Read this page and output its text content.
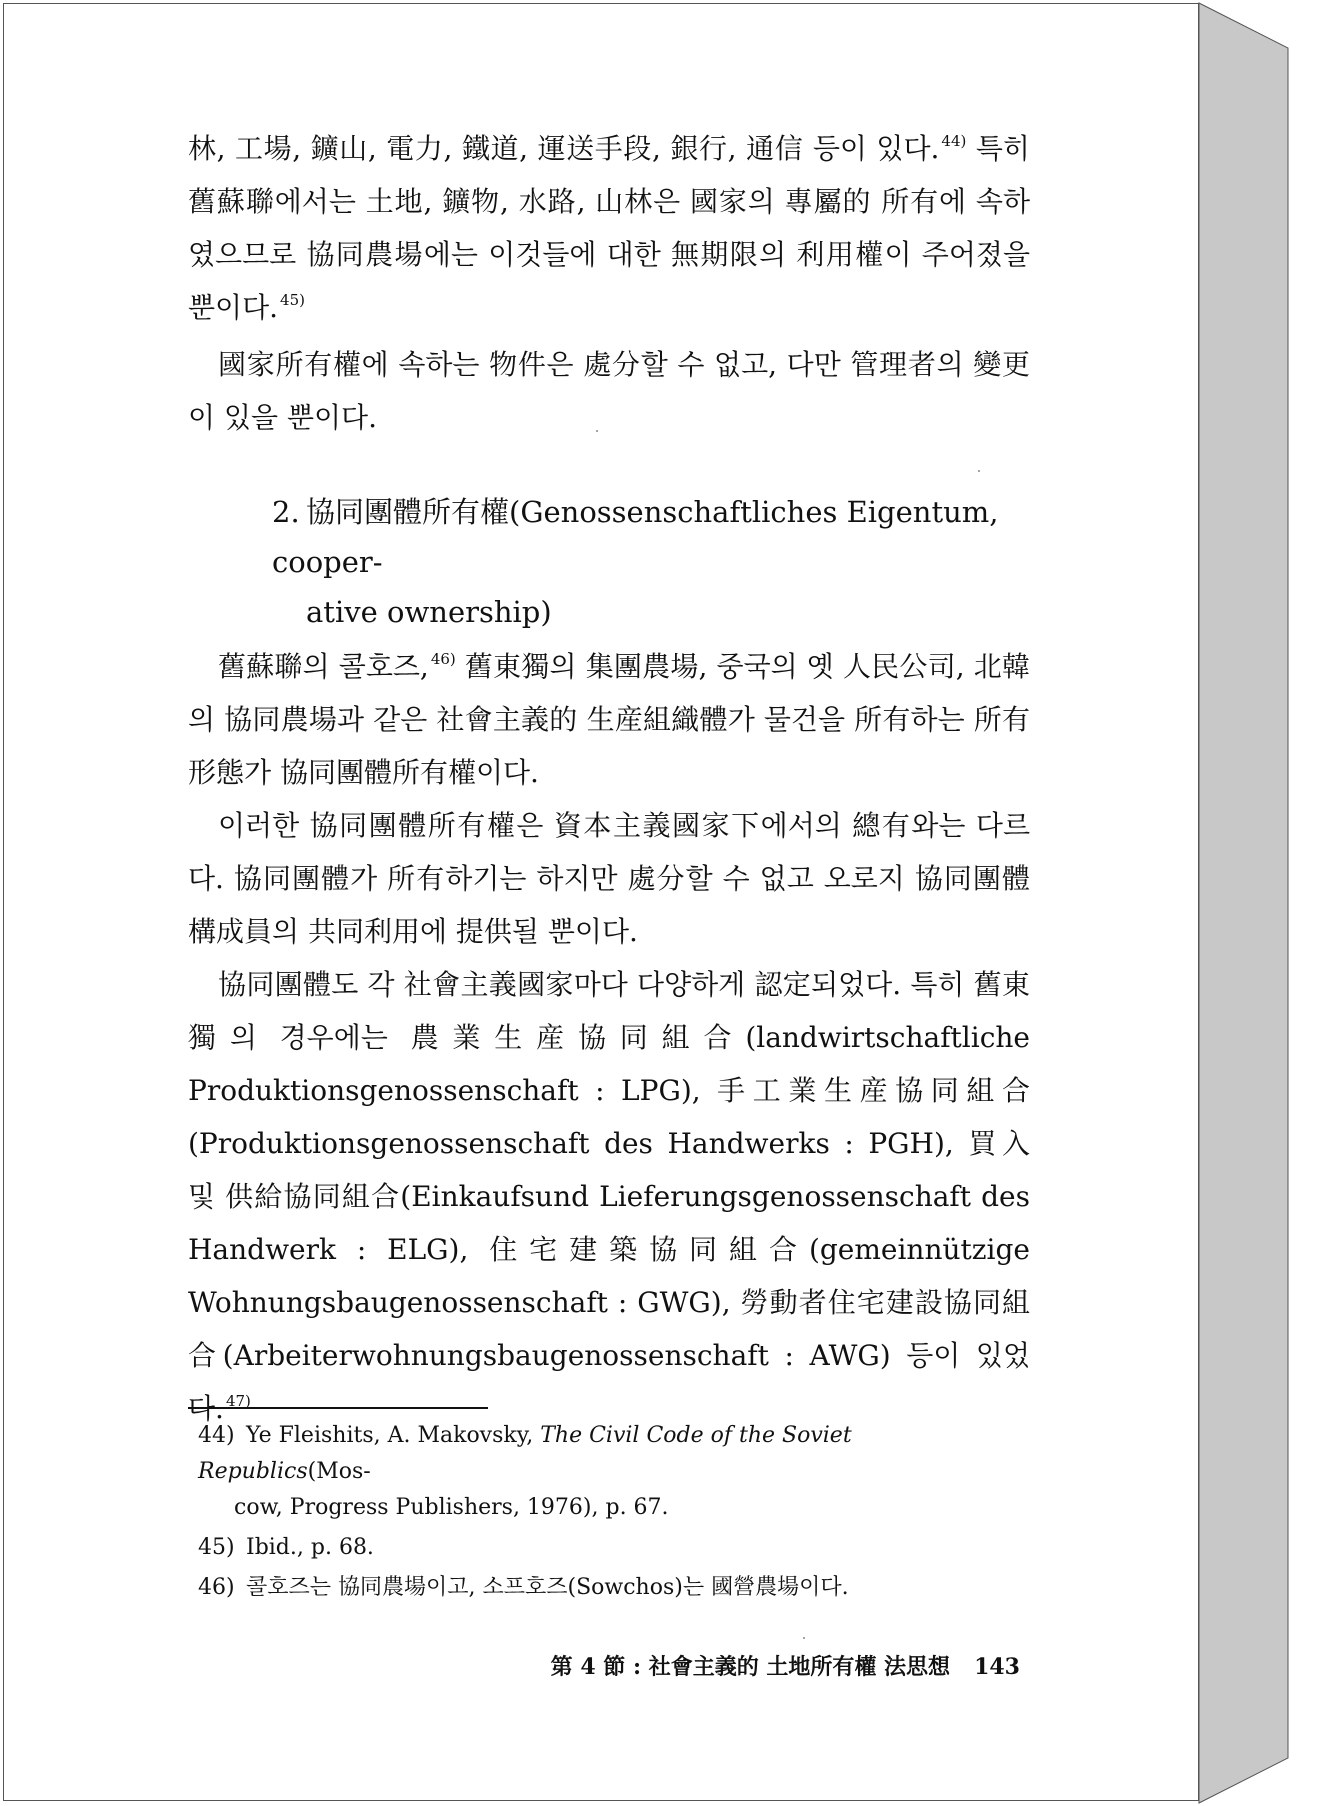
林, 工場, 鑛山, 電力, 鐵道, 運送手段, 銀行, 通信 등이 있다. $^{44)}$ 특히 舊蘇聯에서는 土地, 鑛物, 水路, 山林은 國家의 專屬的 所有에 속하였으므로 協同農場에는 이것들에 대한 無期限의 利用權이 주어졌을 뿐이다. $^{45)}$

國家所有權에 속하는 物件은 處分할 수 없고, 다만 管理者의 變更이 있을 뿐이다.

2. 協同團體所有權(Genossenschaftliches Eigentum, cooper-
ative ownership)

舊蘇聯의 콜호즈, $^{46)}$ 舊東獨의 集團農場, 중국의 옛 人民公司, 北韓의 協同農場과 같은 社會主義的 生産組織體가 물건을 所有하는 所有形態가 協同團體所有權이다.

이러한 協同團體所有權은 資本主義國家下에서의 總有와는 다르다. 協同團體가 所有하기는 하지만 處分할 수 없고 오로지 協同團體構成員의 共同利用에 提供될 뿐이다.

協同團體도 각 社會主義國家마다 다양하게 認定되었다. 특히 舊東獨의 경우에는 農業生産協同組合(landwirtschaftliche Produktionsgenossenschaft : LPG), 手工業生産協同組合(Produktionsgenossenschaft des Handwerks : PGH), 買入 및 供給協同組合(Einkaufsund Lieferungsgenossenschaft des Handwerk : ELG), 住宅建築協同組合(gemeinnützige Wohnungsbaugenossenschaft : GWG), 勞動者住宅建設協同組合(Arbeiterwohnungsbaugenossenschaft : AWG) 등이 있었다. $^{47)}$

44) Ye Fleishits, A. Makovsky, The Civil Code of the Soviet Republics(Mos-
cow, Progress Publishers, 1976), p. 67.

45) Ibid., p. 68.

46) 콜호즈는 協同農場이고, 소프호즈(Sowchos)는 國營農場이다.

第 4 節 : 社會主義的 土地所有權 法思想 143
